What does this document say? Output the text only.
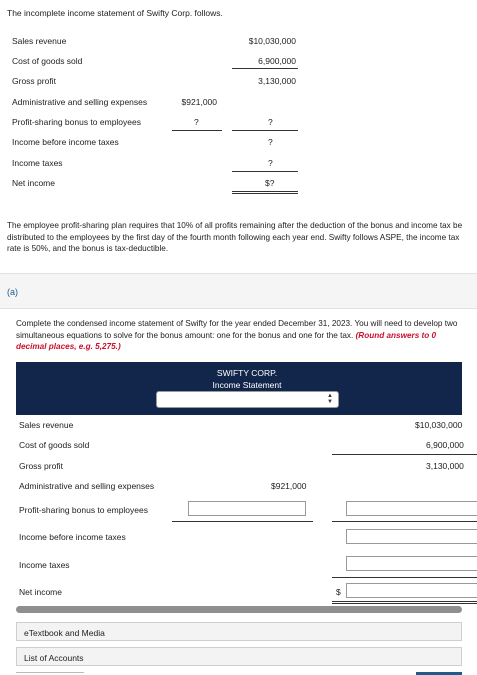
The incomplete income statement of Swifty Corp. follows.
Sales revenue	$10,030,000
Cost of goods sold	6,900,000
Gross profit	3,130,000
Administrative and selling expenses	$921,000
Profit-sharing bonus to employees	?	?
Income before income taxes	?
Income taxes	?
Net income	$?
The employee profit-sharing plan requires that 10% of all profits remaining after the deduction of the bonus and income tax be distributed to the employees by the first day of the fourth month following each year end. Swifty follows ASPE, the income tax rate is 50%, and the bonus is tax-deductible.
(a)
Complete the condensed income statement of Swifty for the year ended December 31, 2023. You will need to develop two simultaneous equations to solve for the bonus amount: one for the bonus and one for the tax. (Round answers to 0 decimal places, e.g. 5,275.)
SWIFTY CORP.
Income Statement
▲
▼
Sales revenue	$10,030,000
Cost of goods sold	6,900,000
Gross profit	3,130,000
Administrative and selling expenses	$921,000
Profit-sharing bonus to employees
Income before income taxes
Income taxes
Net income	$
eTextbook and Media
List of Accounts
